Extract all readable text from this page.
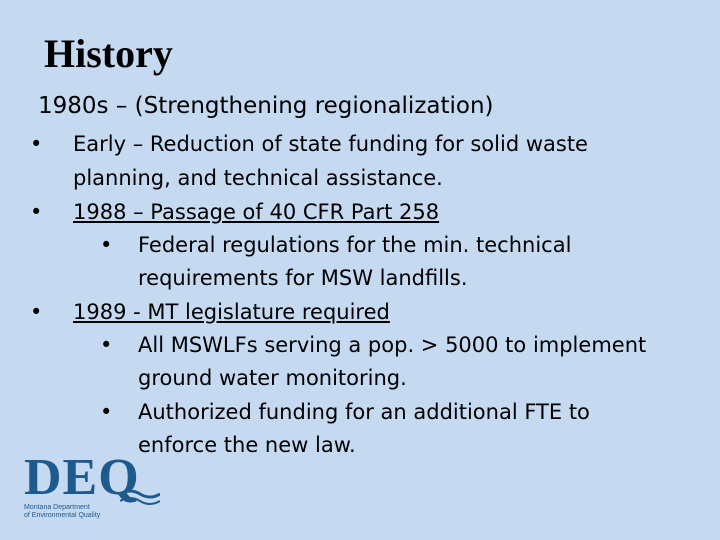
History
1980s – (Strengthening regionalization)
• Early – Reduction of state funding for solid waste
planning, and technical assistance.
• 1988 – Passage of 40 CFR Part 258
• Federal regulations for the min. technical
requirements for MSW landfills.
• 1989 - MT legislature required
• All MSWLFs serving a pop. > 5000 to implement
ground water monitoring.
• Authorized funding for an additional FTE to
enforce the new law.
DEQ
Montana Department
of Environmental Quality
